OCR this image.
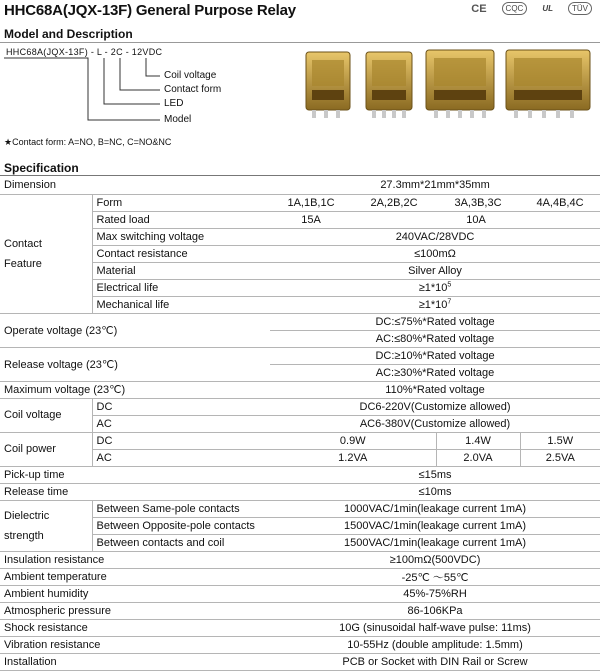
HHC68A(JQX-13F) General Purpose Relay	CE	CQC	UL	TÜV
Model and Description
HHC68A(JQX-13F) - L - 2C - 12VDC
Coil voltage
Contact form
LED
Model
★Contact form: A=NO, B=NC, C=NO&NC
Specification
Dimension		27.3mm*21mm*35mm			
Contact
Feature	Form	1A,1B,1C	2A,2B,2C	3A,3B,3C	4A,4B,4C
	Rated load	15A	10A		
	Max switching voltage	240VAC/28VDC			
	Contact resistance	≤100mΩ			
	Material	Silver Alloy			
	Electrical life	$\ge 1*10^5$
	Mechanical life	$\ge 1*10^7$
Operate voltage (23℃)		DC:≤75%*Rated voltage			
		AC:≤80%*Rated voltage			
Release voltage (23℃)		DC:≥10%*Rated voltage			
		AC:≥30%*Rated voltage			
Maximum voltage (23℃)		110%*Rated voltage			
Coil voltage	DC	DC6-220V(Customize allowed)			
	AC	AC6-380V(Customize allowed)			
Coil power	DC	0.9W		1.4W	1.5W
	AC	1.2VA		2.0VA	2.5VA
Pick-up time		≤15ms			
Release time		≤10ms			
Dielectric
strength	Between Same-pole contacts	1000VAC/1min(leakage current 1mA)			
	Between Opposite-pole contacts	1500VAC/1min(leakage current 1mA)			
	Between contacts and coil	1500VAC/1min(leakage current 1mA)			
Insulation resistance		≥100mΩ(500VDC)			
Ambient temperature		-25℃ ～55℃			
Ambient humidity		45%-75%RH			
Atmospheric pressure		86-106KPa			
Shock resistance		10G (sinusoidal half-wave pulse: 11ms)			
Vibration resistance		10-55Hz (double amplitude: 1.5mm)			
Installation		PCB or Socket with DIN Rail or Screw			
